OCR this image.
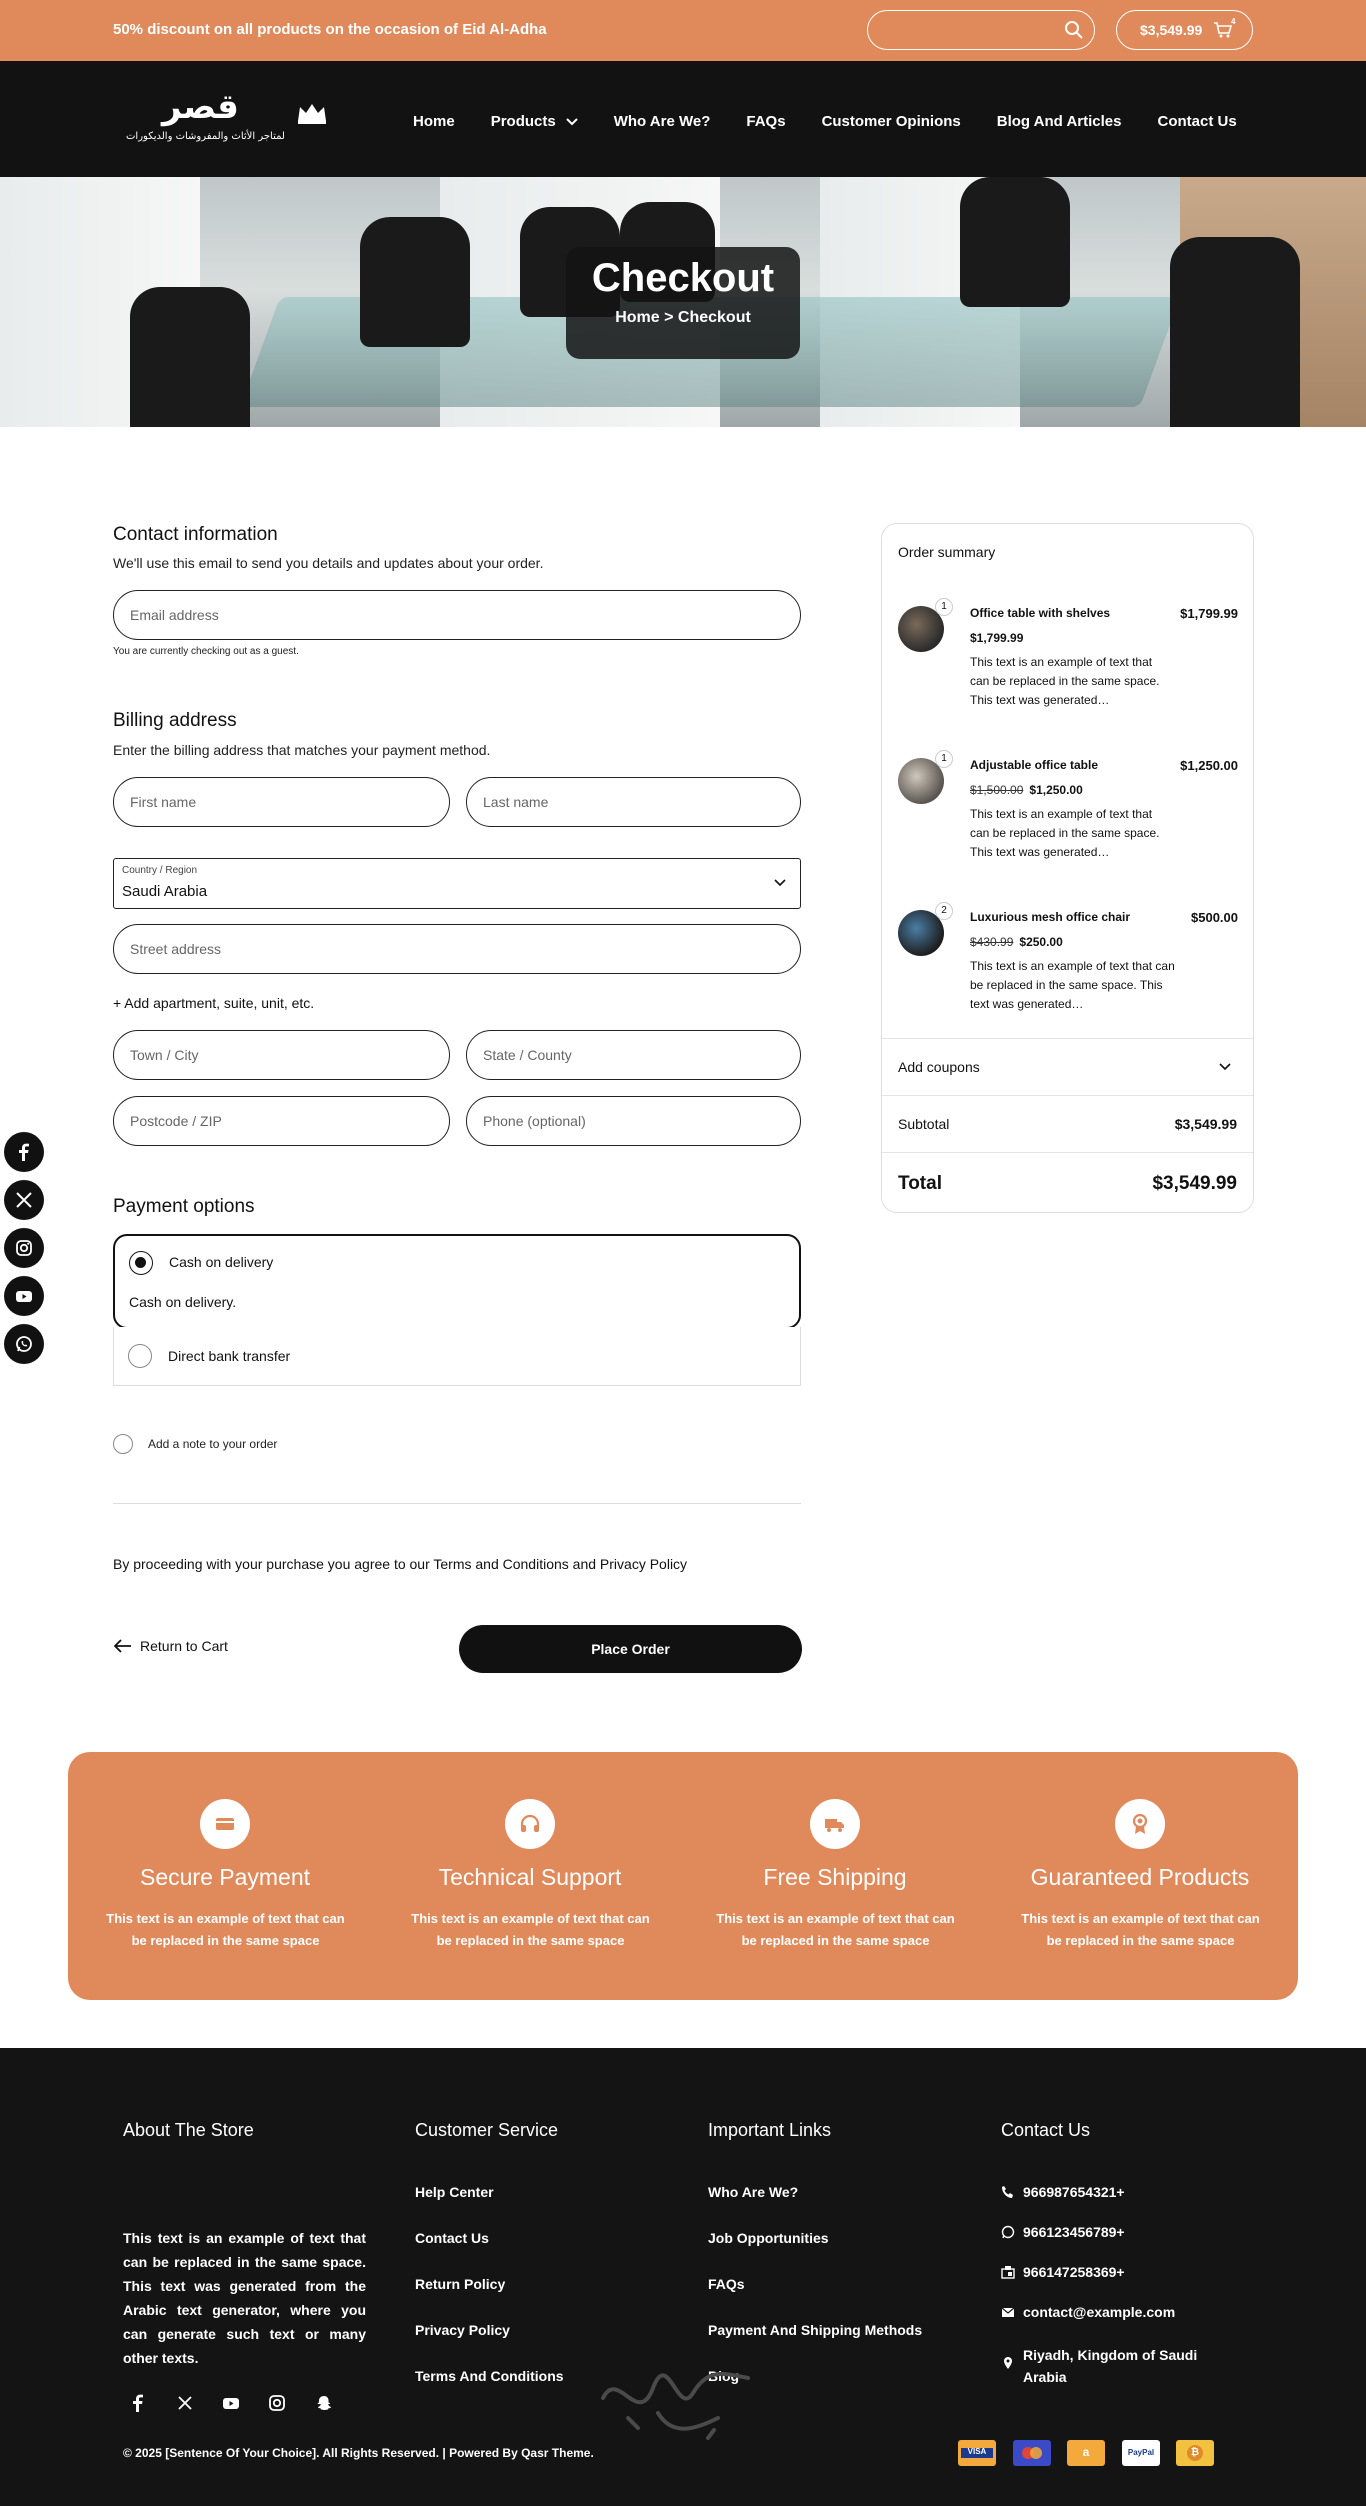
50% discount on all products on the occasion of Eid Al-Adha	$3,549.99
4
قصر
لمتاجر الأثاث والمفروشات والديكورات
Home Products	Who Are We? FAQs Customer Opinions Blog And Articles Contact Us
Checkout
Home > Checkout
Contact information
We'll use this email to send you details and updates about your order.
Email address
You are currently checking out as a guest.
Billing address
Enter the billing address that matches your payment method.
First name	Last name
Country / Region
Saudi Arabia
Street address
+ Add apartment, suite, unit, etc.
Town / City	State / County
Postcode / ZIP	Phone (optional)
Payment options
Cash on delivery
Cash on delivery.
Direct bank transfer
Add a note to your order
By proceeding with your purchase you agree to our Terms and Conditions and Privacy Policy
Return to Cart	Place Order
Order summary
1	Office table with shelves	$1,799.99
$1,799.99
This text is an example of text that can be replaced in the same space. This text was generated…
1	Adjustable office table	$1,250.00
$1,500.00 $1,250.00
This text is an example of text that can be replaced in the same space. This text was generated…
2	Luxurious mesh office chair	$500.00
$430.99 $250.00
This text is an example of text that can be replaced in the same space. This text was generated…
Add coupons
Subtotal	$3,549.99
Total	$3,549.99
Secure Payment

This text is an example of text that can be replaced in the same space

Technical Support

This text is an example of text that can be replaced in the same space

Free Shipping

This text is an example of text that can be replaced in the same space

Guaranteed Products

This text is an example of text that can be replaced in the same space

About The Store

This text is an example of text that can be replaced in the same space. This text was generated from the Arabic text generator, where you can generate such text or many other texts.

Customer Service
Help Center
Contact Us
Return Policy
Privacy Policy
Terms And Conditions
Important Links
Who Are We?
Job Opportunities
FAQs
Payment And Shipping Methods
Blog
Contact Us
966987654321+
966123456789+
966147258369+
contact@example.com
Riyadh, Kingdom of Saudi Arabia
© 2025 [Sentence Of Your Choice]. All Rights Reserved. | Powered By Qasr Theme.	VISA	a	PayPal	₿
